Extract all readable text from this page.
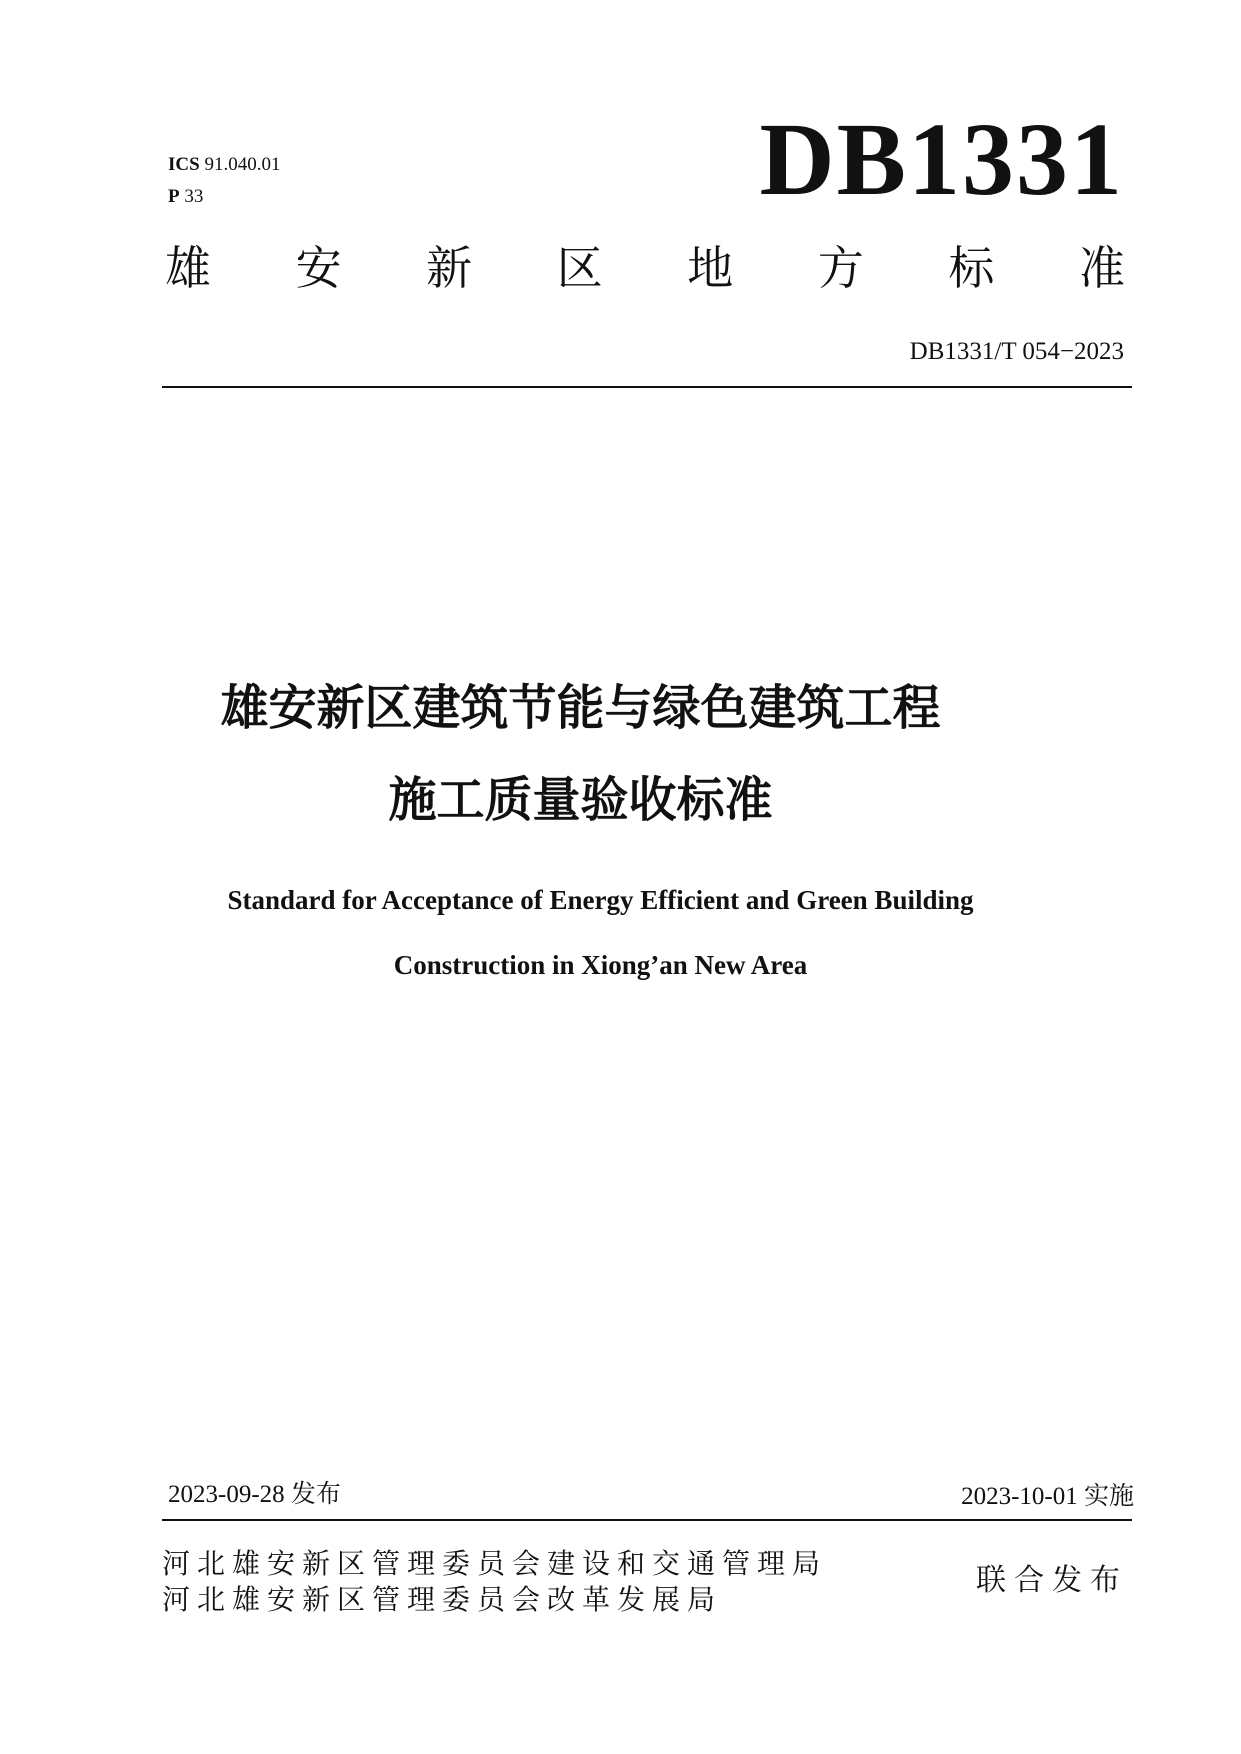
ICS 91.040.01
P 33	DB1331
雄 安 新 区 地 方 标 准
DB1331/T 054−2023
雄安新区建筑节能与绿色建筑工程
施工质量验收标准
Standard for Acceptance of Energy Efficient and Green Building
Construction in Xiong’an New Area
2023-09-28 发布	2023-10-01 实施
河北雄安新区管理委员会建设和交通管理局
河北雄安新区管理委员会改革发展局
联合发布
